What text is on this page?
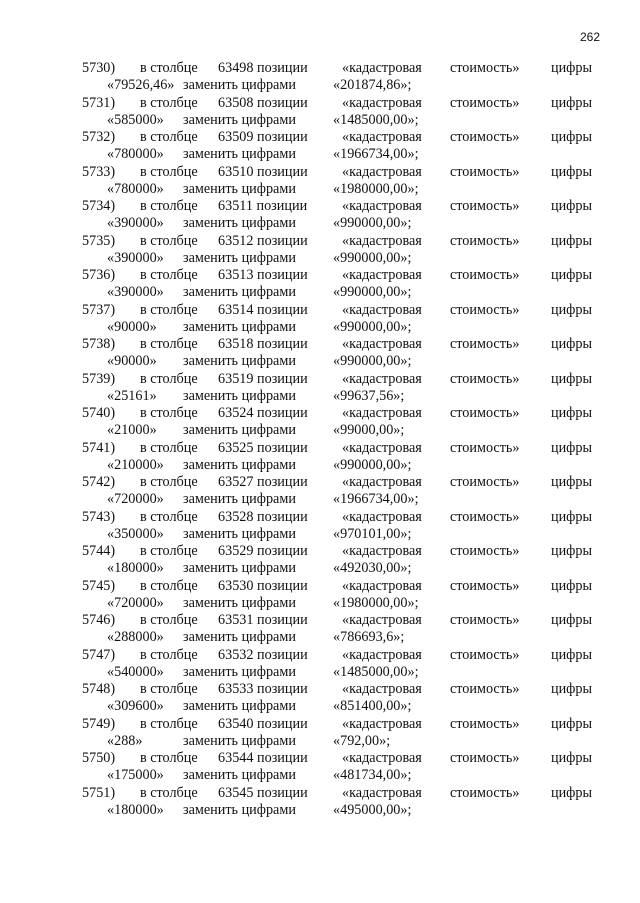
262
5730) в столбце 63498 позиции «кадастровая стоимость» цифры
«79526,46» заменить цифрами	«201874,86»;
5731) в столбце 63508 позиции «кадастровая стоимость» цифры
«585000» заменить цифрами	«1485000,00»;
5732) в столбце 63509 позиции «кадастровая стоимость» цифры
«780000» заменить цифрами	«1966734,00»;
5733) в столбце 63510 позиции «кадастровая стоимость» цифры
«780000» заменить цифрами	«1980000,00»;
5734) в столбце 63511 позиции «кадастровая стоимость» цифры
«390000» заменить цифрами	«990000,00»;
5735) в столбце 63512 позиции «кадастровая стоимость» цифры
«390000» заменить цифрами	«990000,00»;
5736) в столбце 63513 позиции «кадастровая стоимость» цифры
«390000» заменить цифрами	«990000,00»;
5737) в столбце 63514 позиции «кадастровая стоимость» цифры
«90000» заменить цифрами	«990000,00»;
5738) в столбце 63518 позиции «кадастровая стоимость» цифры
«90000» заменить цифрами	«990000,00»;
5739) в столбце 63519 позиции «кадастровая стоимость» цифры
«25161» заменить цифрами	«99637,56»;
5740) в столбце 63524 позиции «кадастровая стоимость» цифры
«21000» заменить цифрами	«99000,00»;
5741) в столбце 63525 позиции «кадастровая стоимость» цифры
«210000» заменить цифрами	«990000,00»;
5742) в столбце 63527 позиции «кадастровая стоимость» цифры
«720000» заменить цифрами	«1966734,00»;
5743) в столбце 63528 позиции «кадастровая стоимость» цифры
«350000» заменить цифрами	«970101,00»;
5744) в столбце 63529 позиции «кадастровая стоимость» цифры
«180000» заменить цифрами	«492030,00»;
5745) в столбце 63530 позиции «кадастровая стоимость» цифры
«720000» заменить цифрами	«1980000,00»;
5746) в столбце 63531 позиции «кадастровая стоимость» цифры
«288000» заменить цифрами	«786693,6»;
5747) в столбце 63532 позиции «кадастровая стоимость» цифры
«540000» заменить цифрами	«1485000,00»;
5748) в столбце 63533 позиции «кадастровая стоимость» цифры
«309600» заменить цифрами	«851400,00»;
5749) в столбце 63540 позиции «кадастровая стоимость» цифры
«288»	заменить цифрами	«792,00»;
5750) в столбце 63544 позиции «кадастровая стоимость» цифры
«175000» заменить цифрами	«481734,00»;
5751) в столбце 63545 позиции «кадастровая стоимость» цифры
«180000» заменить цифрами	«495000,00»;
